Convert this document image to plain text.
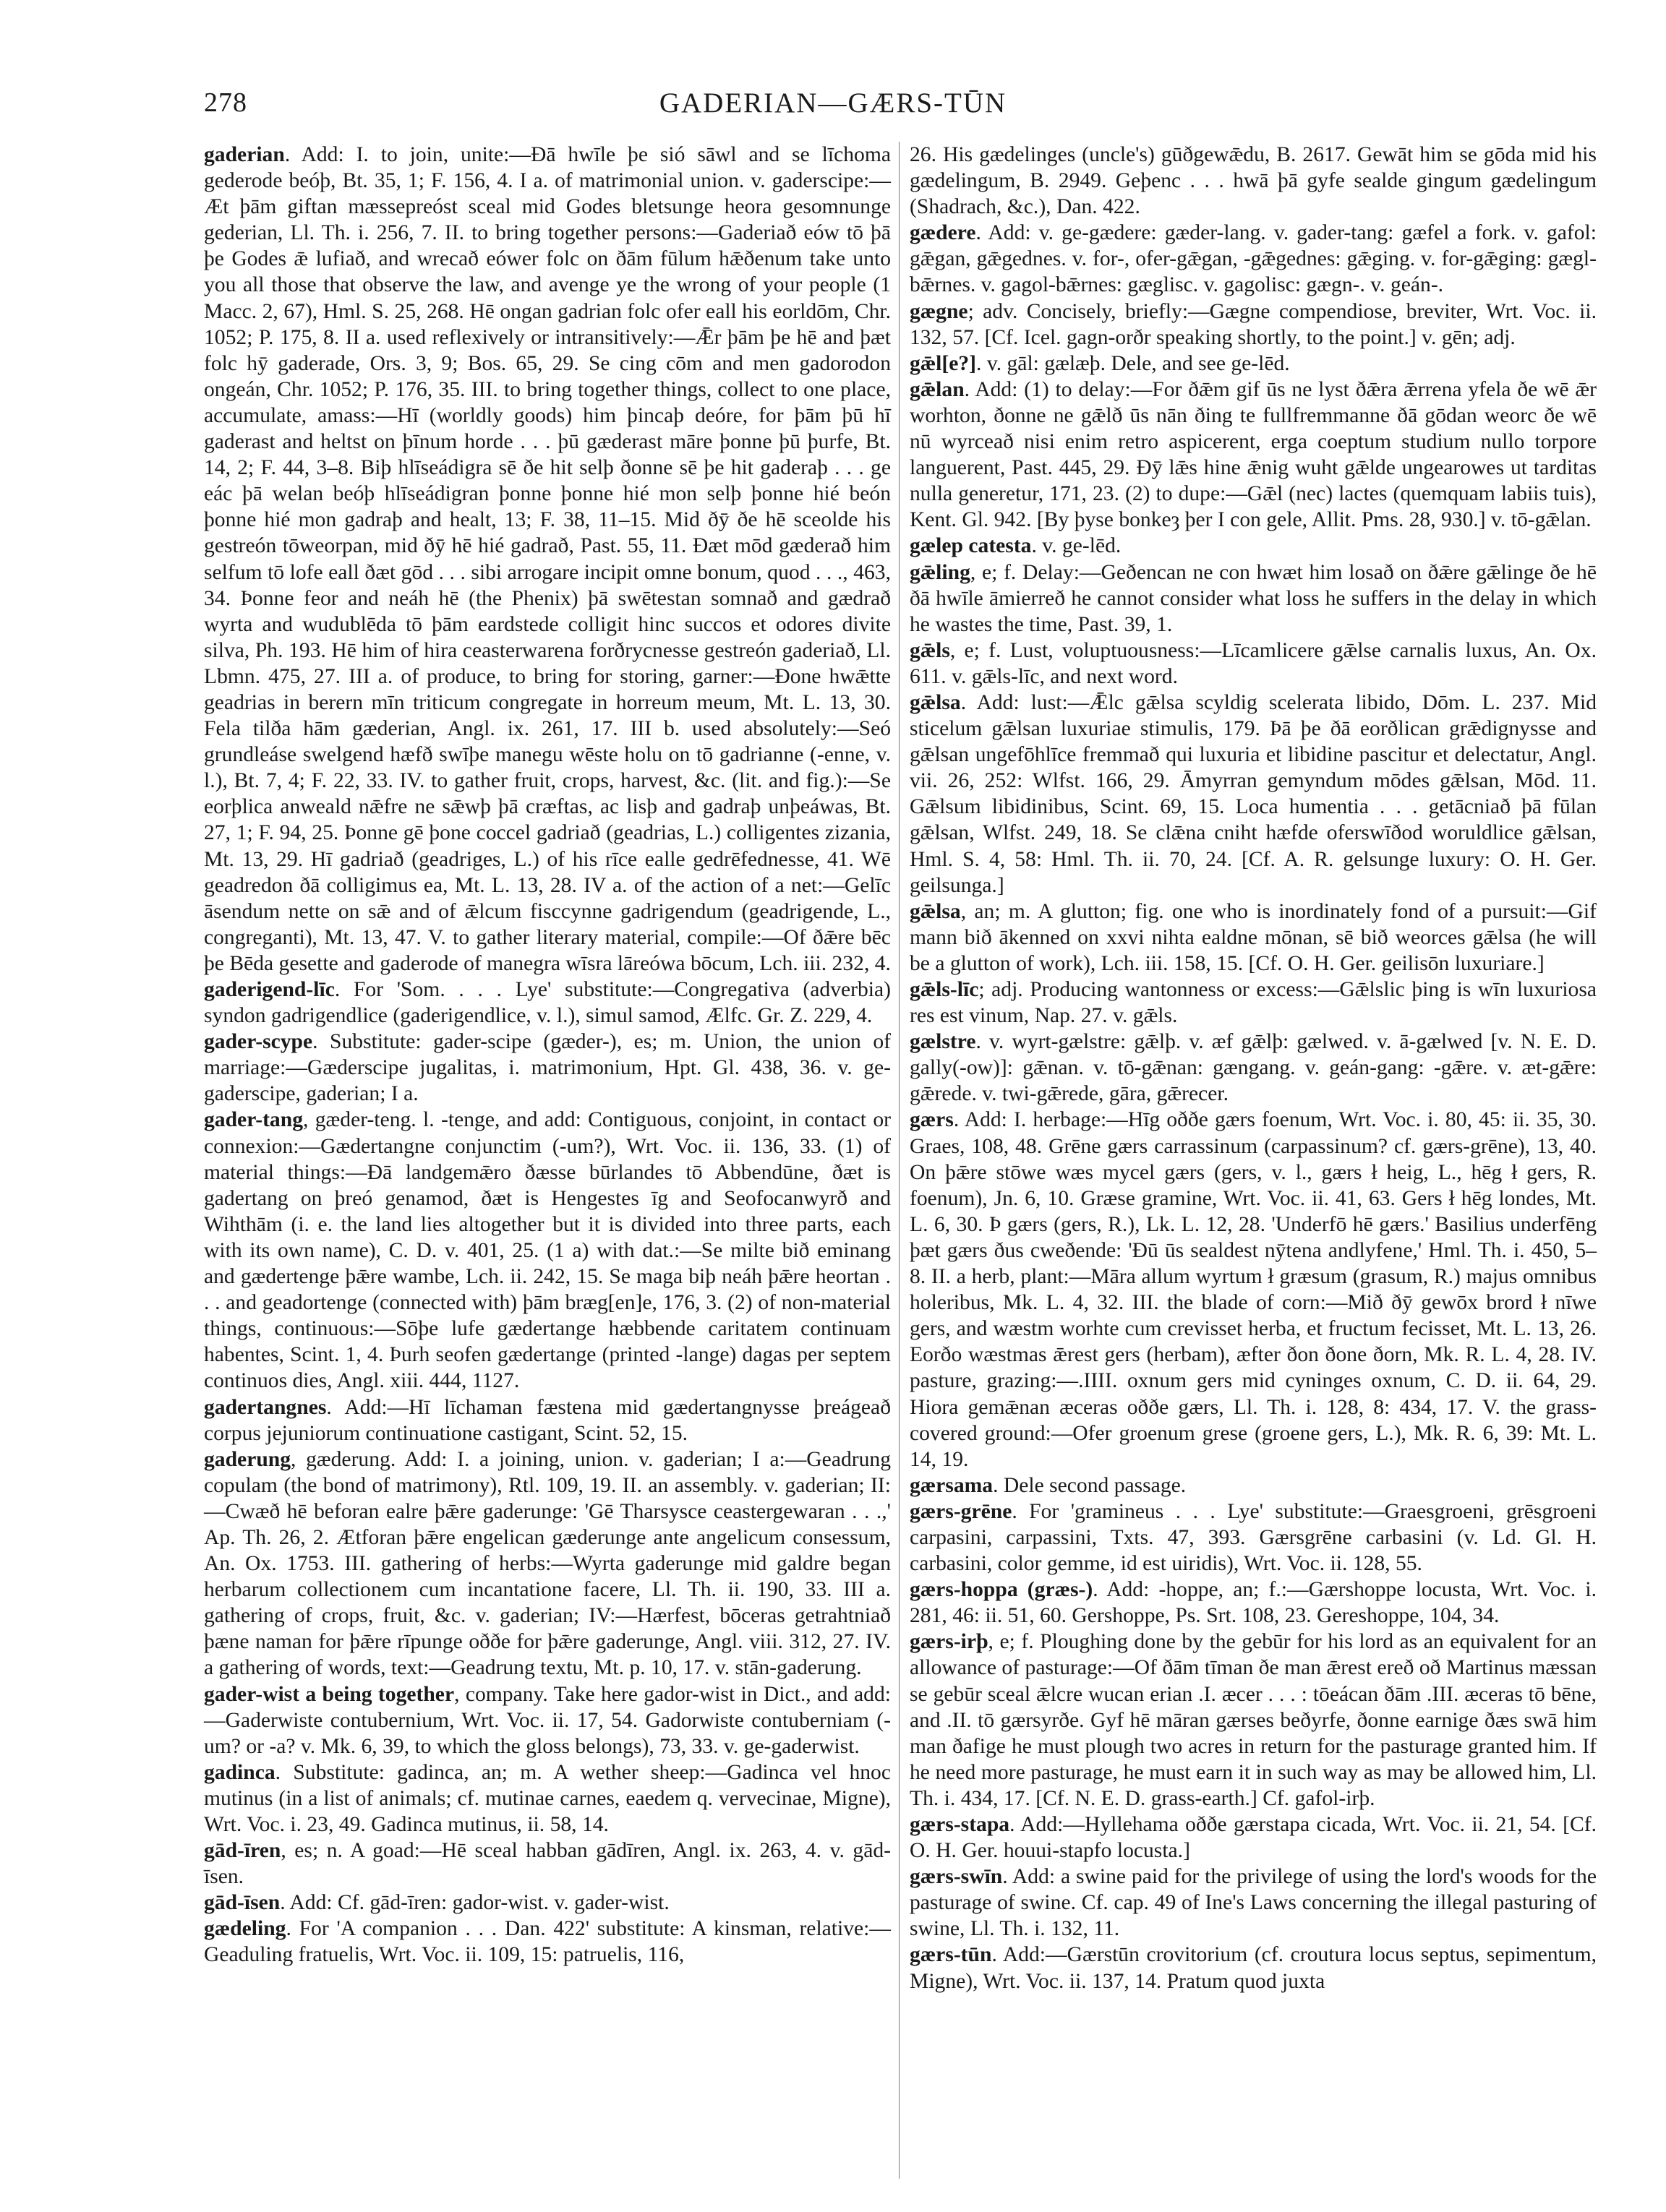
278	GADERIAN—GÆRS-TŪN

gaderian. Add: I. to join, unite:—Ðā hwīle þe sió sāwl and se līchoma gederode beóþ, Bt. 35, 1; F. 156, 4. I a. of matrimonial union. v. gaderscipe:—Æt þām giftan mæssepreóst sceal mid Godes bletsunge heora gesomnunge gederian, Ll. Th. i. 256, 7. II. to bring together persons:—Gaderiað eów tō þā þe Godes ǣ lufiað, and wrecað eówer folc on ðām fūlum hǣðenum take unto you all those that observe the law, and avenge ye the wrong of your people (1 Macc. 2, 67), Hml. S. 25, 268. Hē ongan gadrian folc ofer eall his eorldōm, Chr. 1052; P. 175, 8. II a. used reflexively or intransitively:—Ǣr þām þe hē and þæt folc hȳ gaderade, Ors. 3, 9; Bos. 65, 29. Se cing cōm and men gadorodon ongeán, Chr. 1052; P. 176, 35. III. to bring together things, collect to one place, accumulate, amass:—Hī (worldly goods) him þincaþ deóre, for þām þū hī gaderast and heltst on þīnum horde . . . þū gæderast māre þonne þū þurfe, Bt. 14, 2; F. 44, 3–8. Biþ hlīseádigra sē ðe hit selþ ðonne sē þe hit gaderaþ . . . ge eác þā welan beóþ hlīseádigran þonne þonne hié mon selþ þonne hié beón þonne hié mon gadraþ and healt, 13; F. 38, 11–15. Mid ðȳ ðe hē sceolde his gestreón tōweorpan, mid ðȳ hē hié gadrað, Past. 55, 11. Ðæt mōd gæderað him selfum tō lofe eall ðæt gōd . . . sibi arrogare incipit omne bonum, quod . . ., 463, 34. Þonne feor and neáh hē (the Phenix) þā swētestan somnað and gædrað wyrta and wudublēda tō þām eardstede colligit hinc succos et odores divite silva, Ph. 193. Hē him of hira ceasterwarena forðrycnesse gestreón gaderiað, Ll. Lbmn. 475, 27. III a. of produce, to bring for storing, garner:—Ðone hwǣtte geadrias in berern mīn triticum congregate in horreum meum, Mt. L. 13, 30. Fela tilða hām gæderian, Angl. ix. 261, 17. III b. used absolutely:—Seó grundleáse swelgend hæfð swīþe manegu wēste holu on tō gadrianne (-enne, v. l.), Bt. 7, 4; F. 22, 33. IV. to gather fruit, crops, harvest, &c. (lit. and fig.):—Se eorþlica anweald nǣfre ne sǣwþ þā cræftas, ac lisþ and gadraþ unþeáwas, Bt. 27, 1; F. 94, 25. Þonne gē þone coccel gadriað (geadrias, L.) colligentes zizania, Mt. 13, 29. Hī gadriað (geadriges, L.) of his rīce ealle gedrēfednesse, 41. Wē geadredon ðā colligimus ea, Mt. L. 13, 28. IV a. of the action of a net:—Gelīc āsendum nette on sǣ and of ǣlcum fisccynne gadrigendum (geadrigende, L., congreganti), Mt. 13, 47. V. to gather literary material, compile:—Of ðǣre bēc þe Bēda gesette and gaderode of manegra wīsra lāreówa bōcum, Lch. iii. 232, 4.

gaderigend-līc. For 'Som. . . . Lye' substitute:—Congregativa (adverbia) syndon gadrigendlice (gaderigendlice, v. l.), simul samod, Ælfc. Gr. Z. 229, 4.

gader-scype. Substitute: gader-scipe (gæder-), es; m. Union, the union of marriage:—Gæderscipe jugalitas, i. matrimonium, Hpt. Gl. 438, 36. v. ge-gaderscipe, gaderian; I a.

gader-tang, gæder-teng. l. -tenge, and add: Contiguous, conjoint, in contact or connexion:—Gædertangne conjunctim (-um?), Wrt. Voc. ii. 136, 33. (1) of material things:—Ðā landgemǣro ðæsse būrlandes tō Abbendūne, ðæt is gadertang on þreó genamod, ðæt is Hengestes īg and Seofocanwyrð and Wihthām (i. e. the land lies altogether but it is divided into three parts, each with its own name), C. D. v. 401, 25. (1 a) with dat.:—Se milte bið eminang and gædertenge þǣre wambe, Lch. ii. 242, 15. Se maga biþ neáh þǣre heortan . . . and geadortenge (connected with) þām bræg[en]e, 176, 3. (2) of non-material things, continuous:—Sōþe lufe gædertange hæbbende caritatem continuam habentes, Scint. 1, 4. Þurh seofen gædertange (printed -lange) dagas per septem continuos dies, Angl. xiii. 444, 1127.

gadertangnes. Add:—Hī līchaman fæstena mid gædertangnysse þreágeað corpus jejuniorum continuatione castigant, Scint. 52, 15.

gaderung, gæderung. Add: I. a joining, union. v. gaderian; I a:—Geadrung copulam (the bond of matrimony), Rtl. 109, 19. II. an assembly. v. gaderian; II:—Cwæð hē beforan ealre þǣre gaderunge: 'Gē Tharsysce ceastergewaran . . .,' Ap. Th. 26, 2. Ætforan þǣre engelican gæderunge ante angelicum consessum, An. Ox. 1753. III. gathering of herbs:—Wyrta gaderunge mid galdre began herbarum collectionem cum incantatione facere, Ll. Th. ii. 190, 33. III a. gathering of crops, fruit, &c. v. gaderian; IV:—Hærfest, bōceras getrahtniað þæne naman for þǣre rīpunge oððe for þǣre gaderunge, Angl. viii. 312, 27. IV. a gathering of words, text:—Geadrung textu, Mt. p. 10, 17. v. stān-gaderung.

gader-wist a being together, company. Take here gador-wist in Dict., and add:—Gaderwiste contubernium, Wrt. Voc. ii. 17, 54. Gadorwiste contuberniam (-um? or -a? v. Mk. 6, 39, to which the gloss belongs), 73, 33. v. ge-gaderwist.

gadinca. Substitute: gadinca, an; m. A wether sheep:—Gadinca vel hnoc mutinus (in a list of animals; cf. mutinae carnes, eaedem q. vervecinae, Migne), Wrt. Voc. i. 23, 49. Gadinca mutinus, ii. 58, 14.

gād-īren, es; n. A goad:—Hē sceal habban gādīren, Angl. ix. 263, 4. v. gād-īsen.

gād-īsen. Add: Cf. gād-īren: gador-wist. v. gader-wist.

gædeling. For 'A companion . . . Dan. 422' substitute: A kinsman, relative:—Geaduling fratuelis, Wrt. Voc. ii. 109, 15: patruelis, 116,

26. His gædelinges (uncle's) gūðgewǣdu, B. 2617. Gewāt him se gōda mid his gædelingum, B. 2949. Geþenc . . . hwā þā gyfe sealde gingum gædelingum (Shadrach, &c.), Dan. 422.

gædere. Add: v. ge-gædere: gæder-lang. v. gader-tang: gæfel a fork. v. gafol: gǣgan, gǣgednes. v. for-, ofer-gǣgan, -gǣgednes: gǣging. v. for-gǣging: gægl-bǣrnes. v. gagol-bǣrnes: gæglisc. v. gagolisc: gægn-. v. geán-.

gægne; adv. Concisely, briefly:—Gægne compendiose, breviter, Wrt. Voc. ii. 132, 57. [Cf. Icel. gagn-orðr speaking shortly, to the point.] v. gēn; adj.

gǣl[e?]. v. gāl: gælæþ. Dele, and see ge-lēd.

gǣlan. Add: (1) to delay:—For ðǣm gif ūs ne lyst ðǣra ǣrrena yfela ðe wē ǣr worhton, ðonne ne gǣlð ūs nān ðing te fullfremmanne ðā gōdan weorc ðe wē nū wyrceað nisi enim retro aspicerent, erga coeptum studium nullo torpore languerent, Past. 445, 29. Ðȳ lǣs hine ǣnig wuht gǣlde ungearowes ut tarditas nulla generetur, 171, 23. (2) to dupe:—Gǣl (nec) lactes (quemquam labiis tuis), Kent. Gl. 942. [By þyse bonkeȝ þer I con gele, Allit. Pms. 28, 930.] v. tō-gǣlan.

gælep catesta. v. ge-lēd.

gǣling, e; f. Delay:—Geðencan ne con hwæt him losað on ðǣre gǣlinge ðe hē ðā hwīle āmierreð he cannot consider what loss he suffers in the delay in which he wastes the time, Past. 39, 1.

gǣls, e; f. Lust, voluptuousness:—Līcamlicere gǣlse carnalis luxus, An. Ox. 611. v. gǣls-līc, and next word.

gǣlsa. Add: lust:—Ǣlc gǣlsa scyldig scelerata libido, Dōm. L. 237. Mid sticelum gǣlsan luxuriae stimulis, 179. Þā þe ðā eorðlican grǣdignysse and gǣlsan ungefōhlīce fremmað qui luxuria et libidine pascitur et delectatur, Angl. vii. 26, 252: Wlfst. 166, 29. Āmyrran gemyndum mōdes gǣlsan, Mōd. 11. Gǣlsum libidinibus, Scint. 69, 15. Loca humentia . . . getācniað þā fūlan gǣlsan, Wlfst. 249, 18. Se clǣna cniht hæfde oferswīðod woruldlice gǣlsan, Hml. S. 4, 58: Hml. Th. ii. 70, 24. [Cf. A. R. gelsunge luxury: O. H. Ger. geilsunga.]

gǣlsa, an; m. A glutton; fig. one who is inordinately fond of a pursuit:—Gif mann bið ākenned on xxvi nihta ealdne mōnan, sē bið weorces gǣlsa (he will be a glutton of work), Lch. iii. 158, 15. [Cf. O. H. Ger. geilisōn luxuriare.]

gǣls-līc; adj. Producing wantonness or excess:—Gǣlslic þing is wīn luxuriosa res est vinum, Nap. 27. v. gǣls.

gælstre. v. wyrt-gælstre: gǣlþ. v. æf gǣlþ: gælwed. v. ā-gælwed [v. N. E. D. gally(-ow)]: gǣnan. v. tō-gǣnan: gængang. v. geán-gang: -gǣre. v. æt-gǣre: gǣrede. v. twi-gǣrede, gāra, gǣrecer.

gærs. Add: I. herbage:—Hīg oððe gærs foenum, Wrt. Voc. i. 80, 45: ii. 35, 30. Graes, 108, 48. Grēne gærs carrassinum (carpassinum? cf. gærs-grēne), 13, 40. On þǣre stōwe wæs mycel gærs (gers, v. l., gærs ł heig, L., hēg ł gers, R. foenum), Jn. 6, 10. Græse gramine, Wrt. Voc. ii. 41, 63. Gers ł hēg londes, Mt. L. 6, 30. Þ gærs (gers, R.), Lk. L. 12, 28. 'Underfō hē gærs.' Basilius underfēng þæt gærs ðus cweðende: 'Ðū ūs sealdest nȳtena andlyfene,' Hml. Th. i. 450, 5–8. II. a herb, plant:—Māra allum wyrtum ł græsum (grasum, R.) majus omnibus holeribus, Mk. L. 4, 32. III. the blade of corn:—Mið ðȳ gewōx brord ł nīwe gers, and wæstm worhte cum crevisset herba, et fructum fecisset, Mt. L. 13, 26. Eorðo wæstmas ǣrest gers (herbam), æfter ðon ðone ðorn, Mk. R. L. 4, 28. IV. pasture, grazing:—.IIII. oxnum gers mid cyninges oxnum, C. D. ii. 64, 29. Hiora gemǣnan æceras oððe gærs, Ll. Th. i. 128, 8: 434, 17. V. the grass-covered ground:—Ofer groenum grese (groene gers, L.), Mk. R. 6, 39: Mt. L. 14, 19.

gærsama. Dele second passage.

gærs-grēne. For 'gramineus . . . Lye' substitute:—Graesgroeni, grēsgroeni carpasini, carpassini, Txts. 47, 393. Gærsgrēne carbasini (v. Ld. Gl. H. carbasini, color gemme, id est uiridis), Wrt. Voc. ii. 128, 55.

gærs-hoppa (græs-). Add: -hoppe, an; f.:—Gærshoppe locusta, Wrt. Voc. i. 281, 46: ii. 51, 60. Gershoppe, Ps. Srt. 108, 23. Gereshoppe, 104, 34.

gærs-irþ, e; f. Ploughing done by the gebūr for his lord as an equivalent for an allowance of pasturage:—Of ðām tīman ðe man ǣrest ereð oð Martinus mæssan se gebūr sceal ǣlcre wucan erian .I. æcer . . . : tōeácan ðām .III. æceras tō bēne, and .II. tō gærsyrðe. Gyf hē māran gærses beðyrfe, ðonne earnige ðæs swā him man ðafige he must plough two acres in return for the pasturage granted him. If he need more pasturage, he must earn it in such way as may be allowed him, Ll. Th. i. 434, 17. [Cf. N. E. D. grass-earth.] Cf. gafol-irþ.

gærs-stapa. Add:—Hyllehama oððe gærstapa cicada, Wrt. Voc. ii. 21, 54. [Cf. O. H. Ger. houui-stapfo locusta.]

gærs-swīn. Add: a swine paid for the privilege of using the lord's woods for the pasturage of swine. Cf. cap. 49 of Ine's Laws concerning the illegal pasturing of swine, Ll. Th. i. 132, 11.

gærs-tūn. Add:—Gærstūn crovitorium (cf. croutura locus septus, sepimentum, Migne), Wrt. Voc. ii. 137, 14. Pratum quod juxta
